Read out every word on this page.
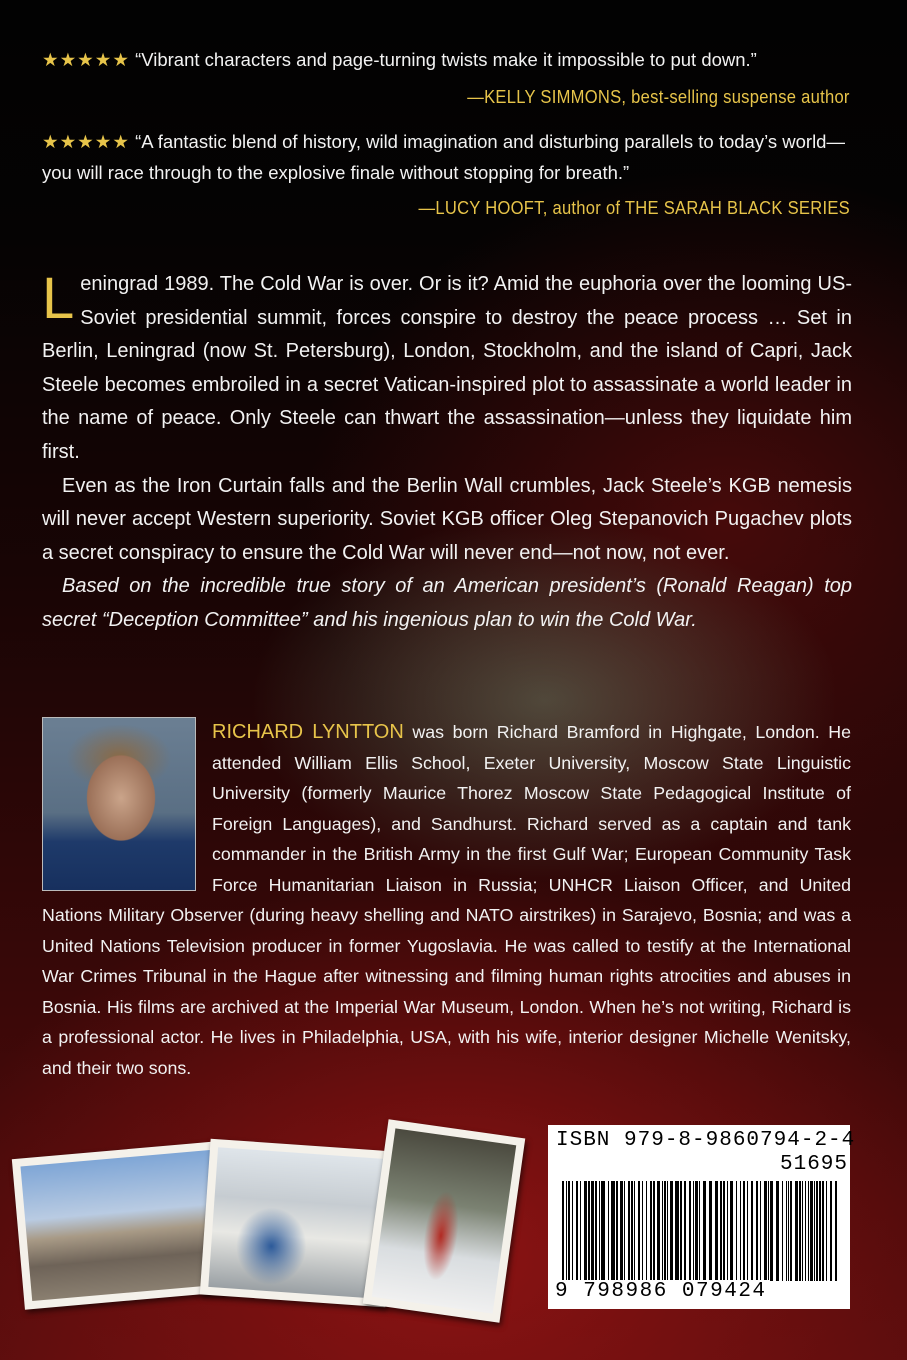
★★★★★ “Vibrant characters and page-turning twists make it impossible to put down.”
—KELLY SIMMONS, best-selling suspense author
★★★★★ “A fantastic blend of history, wild imagination and disturbing parallels to today’s world—you will race through to the explosive finale without stopping for breath.”
—LUCY HOOFT, author of THE SARAH BLACK SERIES

Leningrad 1989. The Cold War is over. Or is it? Amid the euphoria over the looming US-Soviet presidential summit, forces conspire to destroy the peace process … Set in Berlin, Leningrad (now St. Petersburg), London, Stockholm, and the island of Capri, Jack Steele becomes embroiled in a secret Vatican-inspired plot to assassinate a world leader in the name of peace. Only Steele can thwart the assassination—unless they liquidate him first.

Even as the Iron Curtain falls and the Berlin Wall crumbles, Jack Steele’s KGB nemesis will never accept Western superiority. Soviet KGB officer Oleg Stepanovich Pugachev plots a secret conspiracy to ensure the Cold War will never end—not now, not ever.

Based on the incredible true story of an American president’s (Ronald Reagan) top secret “Deception Committee” and his ingenious plan to win the Cold War.

RICHARD LYNTTON was born Richard Bramford in Highgate, London. He attended William Ellis School, Exeter University, Moscow State Linguistic University (formerly Maurice Thorez Moscow State Pedagogical Institute of Foreign Languages), and Sandhurst. Richard served as a captain and tank commander in the British Army in the first Gulf War; European Community Task Force Humanitarian Liaison in Russia; UNHCR Liaison Officer, and United Nations Military Observer (during heavy shelling and NATO airstrikes) in Sarajevo, Bosnia; and was a United Nations Television producer in former Yugoslavia. He was called to testify at the International War Crimes Tribunal in the Hague after witnessing and filming human rights atrocities and abuses in Bosnia. His films are archived at the Imperial War Museum, London. When he’s not writing, Richard is a professional actor. He lives in Philadelphia, USA, with his wife, interior designer Michelle Wenitsky, and their two sons.

ISBN 979-8-9860794-2-4
51695
9 798986 079424
